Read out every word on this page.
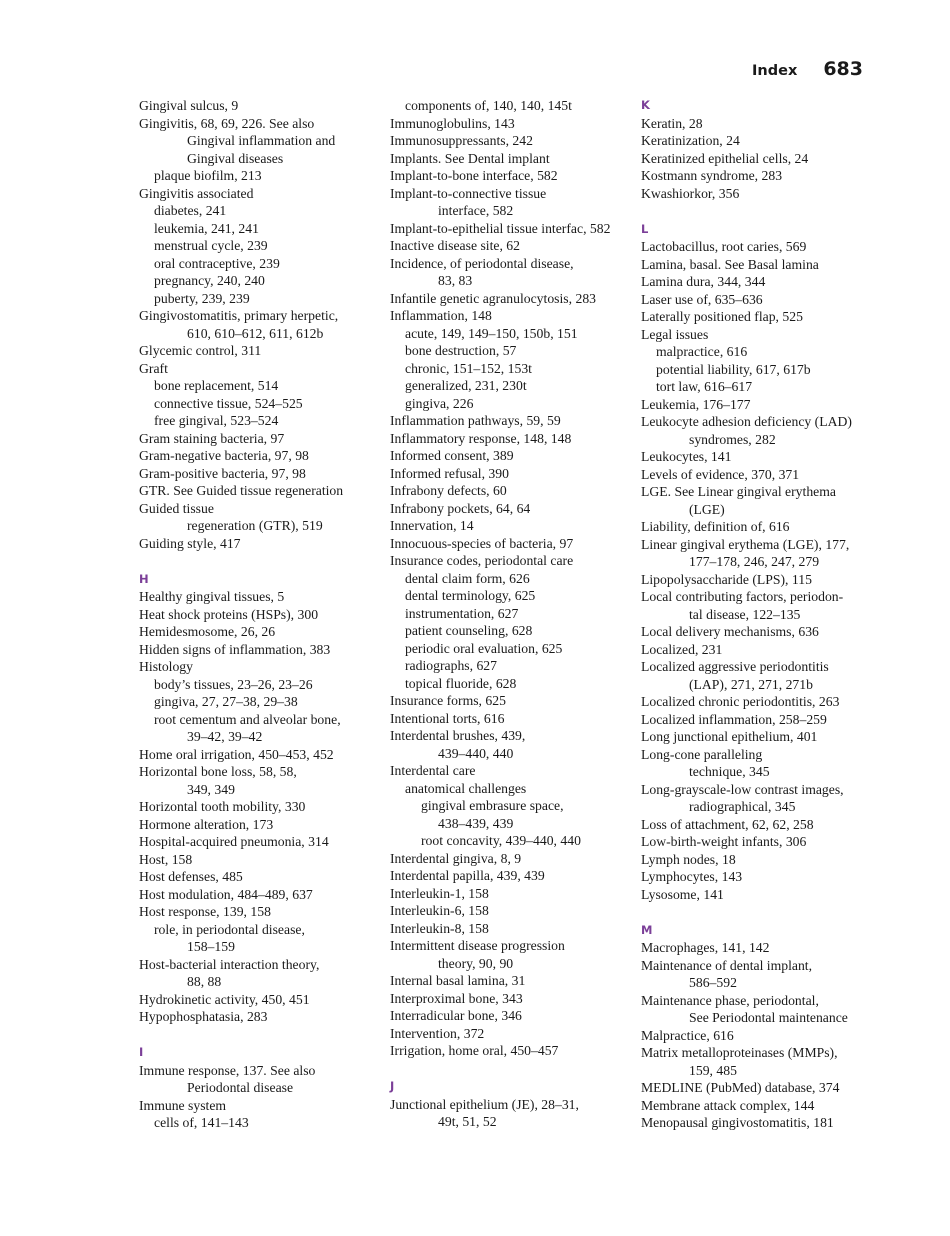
Index 683
Gingival sulcus, 9
Gingivitis, 68, 69, 226. See also
Gingival inflammation and
Gingival diseases
plaque biofilm, 213
Gingivitis associated
diabetes, 241
leukemia, 241, 241
menstrual cycle, 239
oral contraceptive, 239
pregnancy, 240, 240
puberty, 239, 239
Gingivostomatitis, primary herpetic,
610, 610–612, 611, 612b
Glycemic control, 311
Graft
bone replacement, 514
connective tissue, 524–525
free gingival, 523–524
Gram staining bacteria, 97
Gram-negative bacteria, 97, 98
Gram-positive bacteria, 97, 98
GTR. See Guided tissue regeneration
Guided tissue
regeneration (GTR), 519
Guiding style, 417
H
Healthy gingival tissues, 5
Heat shock proteins (HSPs), 300
Hemidesmosome, 26, 26
Hidden signs of inflammation, 383
Histology
body’s tissues, 23–26, 23–26
gingiva, 27, 27–38, 29–38
root cementum and alveolar bone,
39–42, 39–42
Home oral irrigation, 450–453, 452
Horizontal bone loss, 58, 58,
349, 349
Horizontal tooth mobility, 330
Hormone alteration, 173
Hospital-acquired pneumonia, 314
Host, 158
Host defenses, 485
Host modulation, 484–489, 637
Host response, 139, 158
role, in periodontal disease,
158–159
Host-bacterial interaction theory,
88, 88
Hydrokinetic activity, 450, 451
Hypophosphatasia, 283
I
Immune response, 137. See also
Periodontal disease
Immune system
cells of, 141–143
components of, 140, 140, 145t
Immunoglobulins, 143
Immunosuppressants, 242
Implants. See Dental implant
Implant-to-bone interface, 582
Implant-to-connective tissue
interface, 582
Implant-to-epithelial tissue interfac, 582
Inactive disease site, 62
Incidence, of periodontal disease,
83, 83
Infantile genetic agranulocytosis, 283
Inflammation, 148
acute, 149, 149–150, 150b, 151
bone destruction, 57
chronic, 151–152, 153t
generalized, 231, 230t
gingiva, 226
Inflammation pathways, 59, 59
Inflammatory response, 148, 148
Informed consent, 389
Informed refusal, 390
Infrabony defects, 60
Infrabony pockets, 64, 64
Innervation, 14
Innocuous-species of bacteria, 97
Insurance codes, periodontal care
dental claim form, 626
dental terminology, 625
instrumentation, 627
patient counseling, 628
periodic oral evaluation, 625
radiographs, 627
topical fluoride, 628
Insurance forms, 625
Intentional torts, 616
Interdental brushes, 439,
439–440, 440
Interdental care
anatomical challenges
gingival embrasure space,
438–439, 439
root concavity, 439–440, 440
Interdental gingiva, 8, 9
Interdental papilla, 439, 439
Interleukin-1, 158
Interleukin-6, 158
Interleukin-8, 158
Intermittent disease progression
theory, 90, 90
Internal basal lamina, 31
Interproximal bone, 343
Interradicular bone, 346
Intervention, 372
Irrigation, home oral, 450–457
J
Junctional epithelium (JE), 28–31,
49t, 51, 52
K
Keratin, 28
Keratinization, 24
Keratinized epithelial cells, 24
Kostmann syndrome, 283
Kwashiorkor, 356
L
Lactobacillus, root caries, 569
Lamina, basal. See Basal lamina
Lamina dura, 344, 344
Laser use of, 635–636
Laterally positioned flap, 525
Legal issues
malpractice, 616
potential liability, 617, 617b
tort law, 616–617
Leukemia, 176–177
Leukocyte adhesion deficiency (LAD)
syndromes, 282
Leukocytes, 141
Levels of evidence, 370, 371
LGE. See Linear gingival erythema
(LGE)
Liability, definition of, 616
Linear gingival erythema (LGE), 177,
177–178, 246, 247, 279
Lipopolysaccharide (LPS), 115
Local contributing factors, periodon-
tal disease, 122–135
Local delivery mechanisms, 636
Localized, 231
Localized aggressive periodontitis
(LAP), 271, 271, 271b
Localized chronic periodontitis, 263
Localized inflammation, 258–259
Long junctional epithelium, 401
Long-cone paralleling
technique, 345
Long-grayscale-low contrast images,
radiographical, 345
Loss of attachment, 62, 62, 258
Low-birth-weight infants, 306
Lymph nodes, 18
Lymphocytes, 143
Lysosome, 141
M
Macrophages, 141, 142
Maintenance of dental implant,
586–592
Maintenance phase, periodontal,
See Periodontal maintenance
Malpractice, 616
Matrix metalloproteinases (MMPs),
159, 485
MEDLINE (PubMed) database, 374
Membrane attack complex, 144
Menopausal gingivostomatitis, 181
